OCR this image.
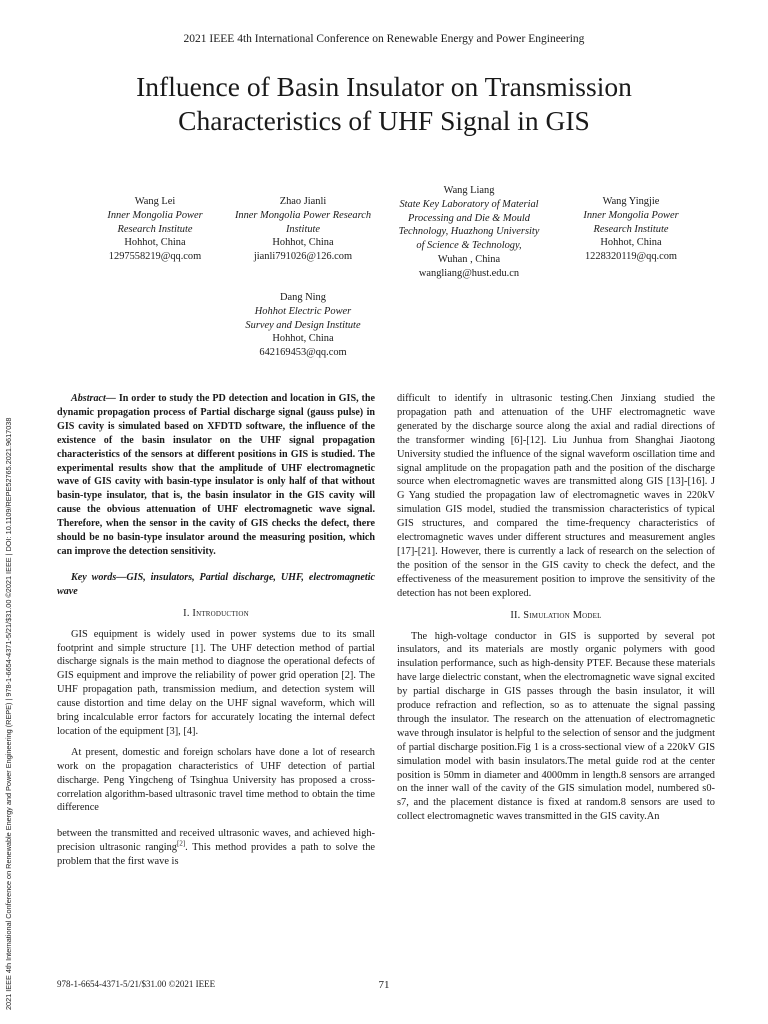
2021 IEEE 4th International Conference on Renewable Energy and Power Engineering
Influence of Basin Insulator on Transmission
Characteristics of UHF Signal in GIS
Wang Lei
Inner Mongolia Power
Research Institute
Hohhot, China
1297558219@qq.com
Zhao Jianli
Inner Mongolia Power Research
Institute
Hohhot, China
jianli791026@126.com
Wang Liang
State Key Laboratory of Material
Processing and Die & Mould
Technology, Huazhong University
of Science & Technology,
Wuhan , China
wangliang@hust.edu.cn
Wang Yingjie
Inner Mongolia Power
Research Institute
Hohhot, China
1228320119@qq.com
Dang Ning
Hohhot Electric Power
Survey and Design Institute
Hohhot, China
642169453@qq.com
2021 IEEE 4th International Conference on Renewable Energy and Power Engineering (REPE) | 978-1-6654-4371-5/21/$31.00 ©2021 IEEE | DOI: 10.1109/REPE52765.2021.9617038

Abstract— In order to study the PD detection and location in GIS, the dynamic propagation process of Partial discharge signal (gauss pulse) in GIS cavity is simulated based on XFDTD software, the influence of the existence of the basin insulator on the UHF signal propagation characteristics of the sensors at different positions in GIS is studied. The experimental results show that the amplitude of UHF electromagnetic wave of GIS cavity with basin-type insulator is only half of that without basin-type insulator, that is, the basin insulator in the GIS cavity will cause the obvious attenuation of UHF electromagnetic wave signal. Therefore, when the sensor in the cavity of GIS checks the defect, there should be no basin-type insulator around the measuring position, which can improve the detection sensitivity.

Key words—GIS, insulators, Partial discharge, UHF, electromagnetic wave

I. Introduction

GIS equipment is widely used in power systems due to its small footprint and simple structure [1]. The UHF detection method of partial discharge signals is the main method to diagnose the operational defects of GIS equipment and improve the reliability of power grid operation [2]. The UHF propagation path, transmission medium, and detection system will cause distortion and time delay on the UHF signal waveform, which will bring incalculable error factors for accurately locating the internal defect location of the equipment [3], [4].

At present, domestic and foreign scholars have done a lot of research work on the propagation characteristics of UHF detection of partial discharge. Peng Yingcheng of Tsinghua University has proposed a cross-correlation algorithm-based ultrasonic travel time method to obtain the time difference

between the transmitted and received ultrasonic waves, and achieved high-precision ultrasonic ranging[2]. This method provides a path to solve the problem that the first wave is

difficult to identify in ultrasonic testing.Chen Jinxiang studied the propagation path and attenuation of the UHF electromagnetic wave generated by the discharge source along the axial and radial directions of the transformer winding [6]-[12]. Liu Junhua from Shanghai Jiaotong University studied the influence of the signal waveform oscillation time and signal amplitude on the propagation path and the position of the discharge source when electromagnetic waves are transmitted along GIS [13]-[16]. J G Yang studied the propagation law of electromagnetic waves in 220kV simulation GIS model, studied the transmission characteristics of typical GIS structures, and compared the time-frequency characteristics of electromagnetic waves under different structures and measurement angles [17]-[21]. However, there is currently a lack of research on the selection of the position of the sensor in the GIS cavity to check the defect, and the effectiveness of the measurement position to improve the sensitivity of the detection has not been explored.

II. Simulation Model

The high-voltage conductor in GIS is supported by several pot insulators, and its materials are mostly organic polymers with good insulation performance, such as high-density PTEF. Because these materials have large dielectric constant, when the electromagnetic wave signal excited by partial discharge in GIS passes through the basin insulator, it will produce refraction and reflection, so as to attenuate the signal passing through the insulator. The research on the attenuation of electromagnetic wave through insulator is helpful to the selection of sensor and the judgment of partial discharge position.Fig 1 is a cross-sectional view of a 220kV GIS simulation model with basin insulators.The metal guide rod at the center position is 50mm in diameter and 4000mm in length.8 sensors are arranged on the inner wall of the cavity of the GIS simulation model, numbered s0-s7, and the placement distance is fixed at random.8 sensors are used to collect electromagnetic waves transmitted in the GIS cavity.An

978-1-6654-4371-5/21/$31.00 ©2021 IEEE	71
